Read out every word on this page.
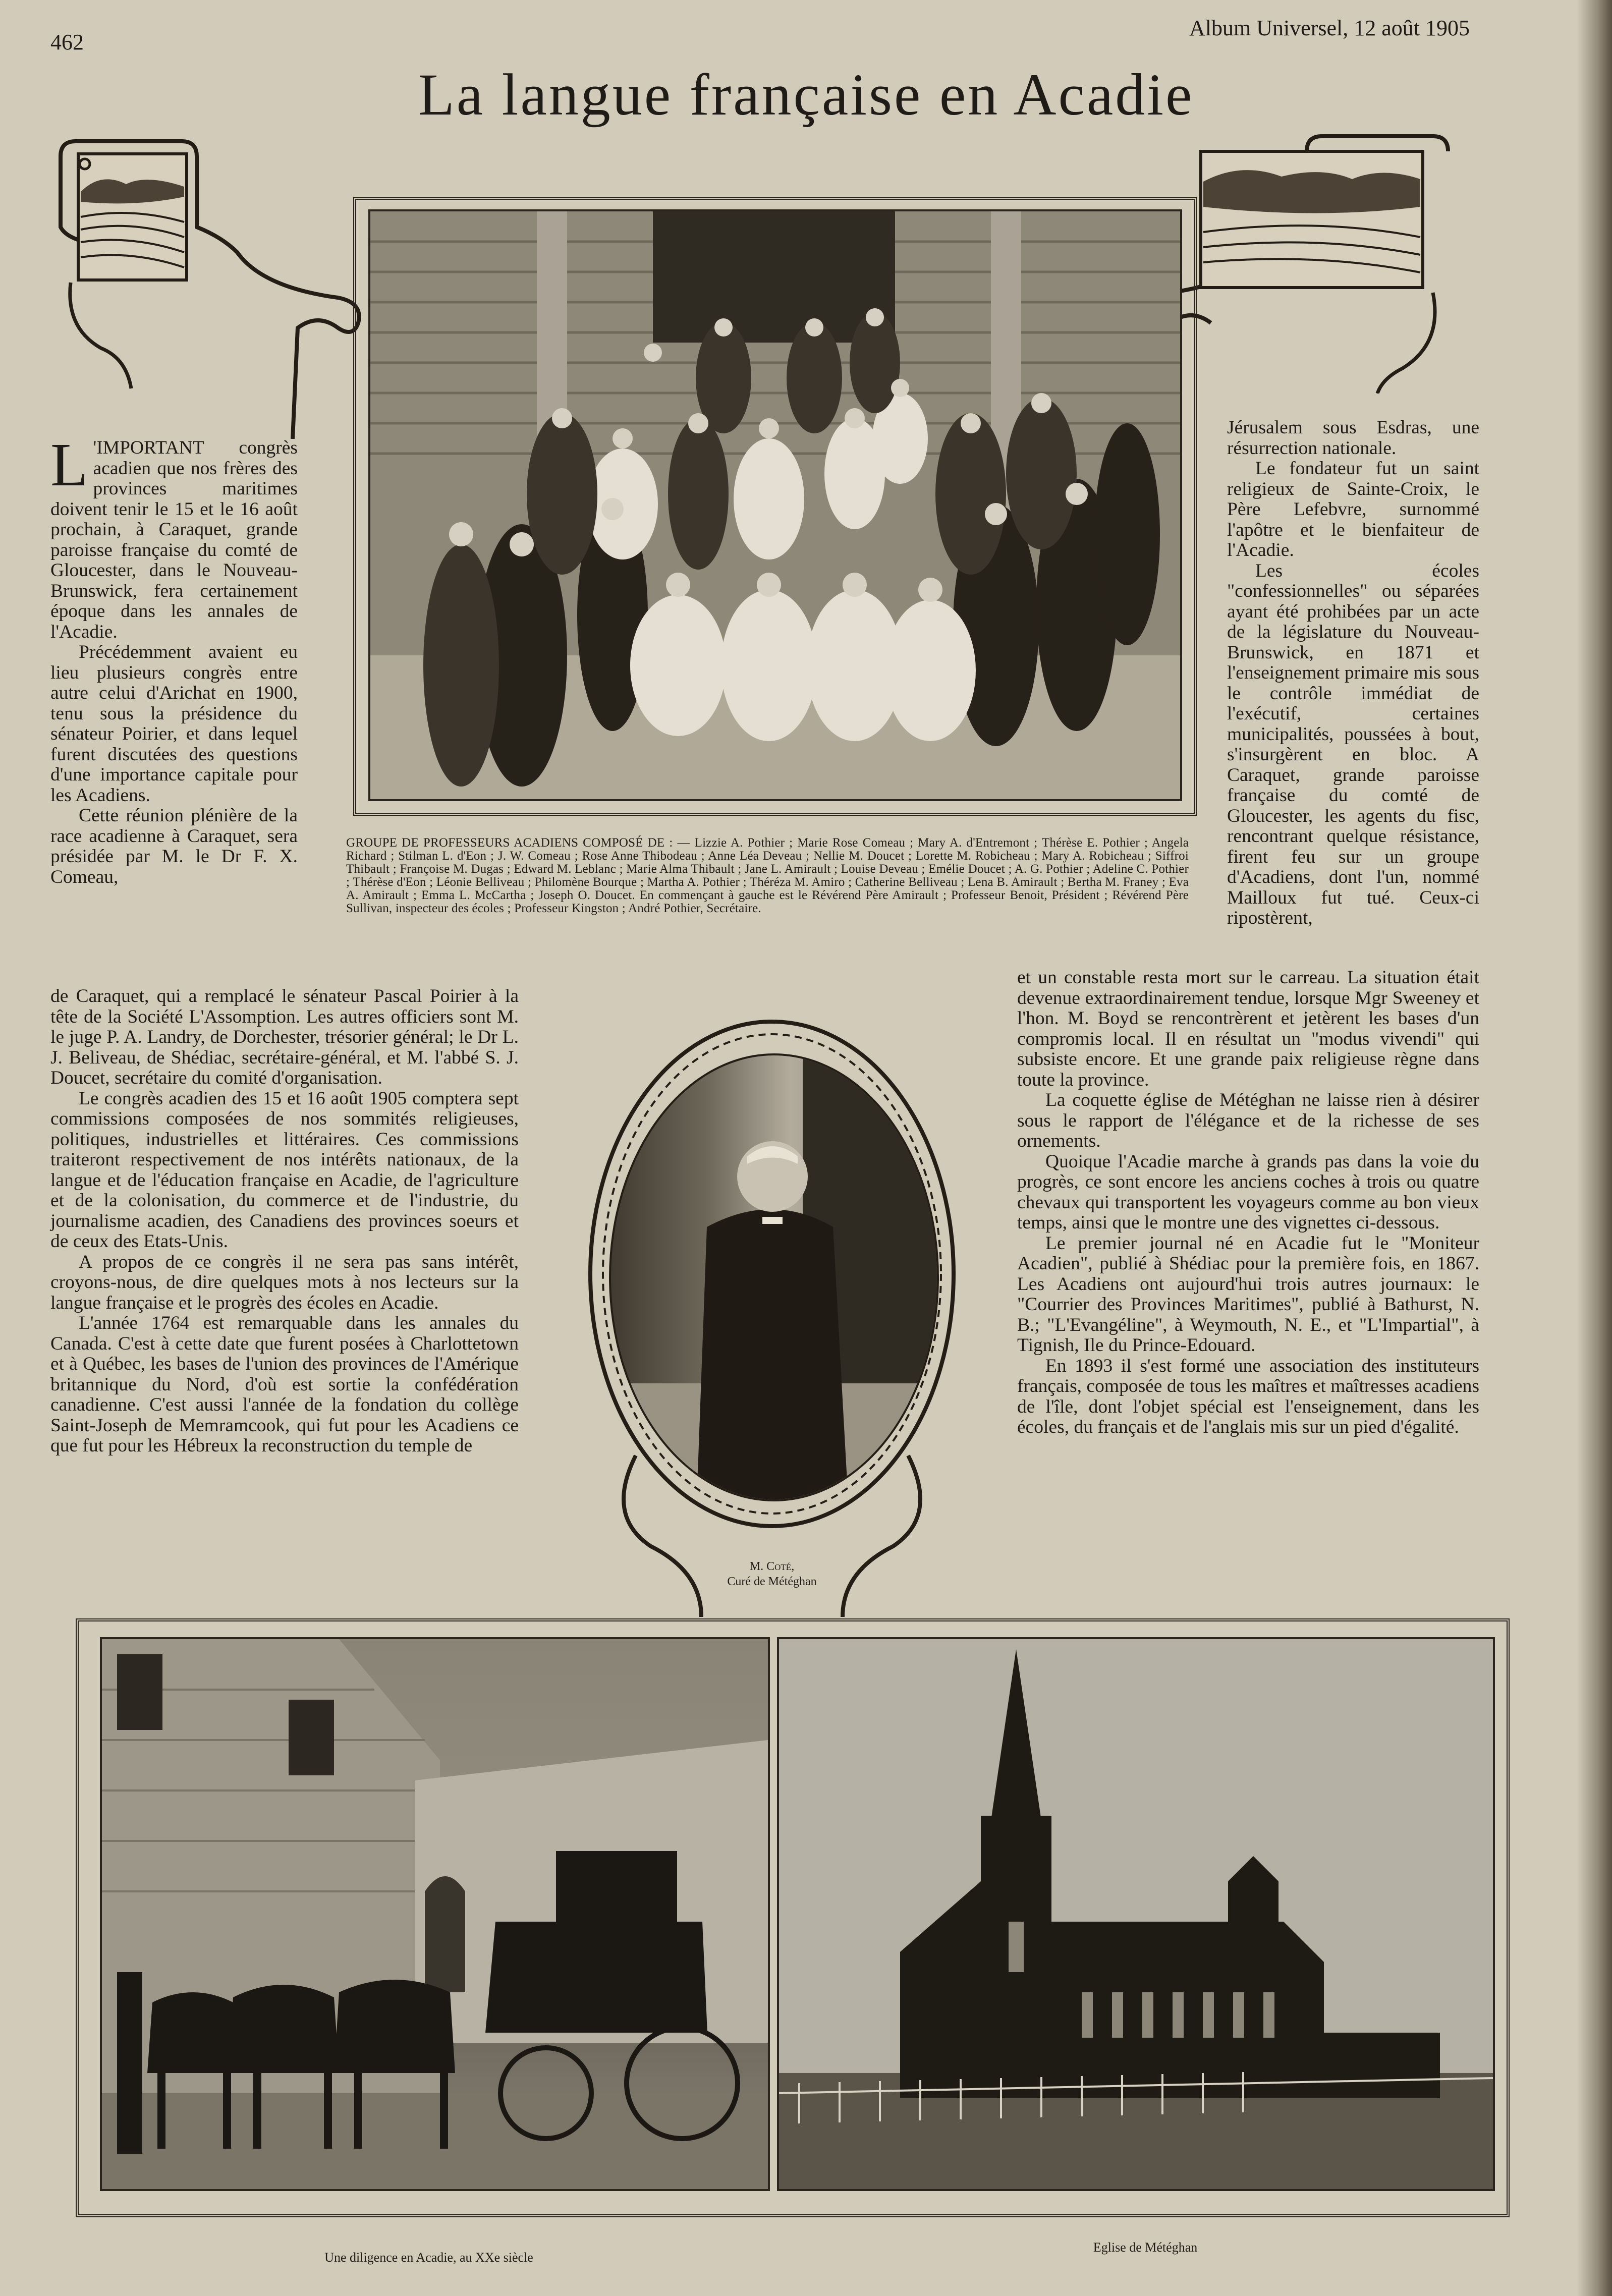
462
Album Universel, 12 août 1905
La langue française en Acadie
GROUPE DE PROFESSEURS ACADIENS COMPOSÉ DE : — Lizzie A. Pothier ; Marie Rose Comeau ; Mary A. d'Entremont ; Thérèse E. Pothier ; Angela Richard ; Stilman L. d'Eon ; J. W. Comeau ; Rose Anne Thibodeau ; Anne Léa Deveau ; Nellie M. Doucet ; Lorette M. Robicheau ; Mary A. Robicheau ; Siffroi Thibault ; Françoise M. Dugas ; Edward M. Leblanc ; Marie Alma Thibault ; Jane L. Amirault ; Louise Deveau ; Emélie Doucet ; A. G. Pothier ; Adeline C. Pothier ; Thérèse d'Eon ; Léonie Belliveau ; Philomène Bourque ; Martha A. Pothier ; Théréza M. Amiro ; Catherine Belliveau ; Lena B. Amirault ; Bertha M. Franey ; Eva A. Amirault ; Emma L. McCartha ; Joseph O. Doucet. En commençant à gauche est le Révérend Père Amirault ; Professeur Benoit, Président ; Révérend Père Sullivan, inspecteur des écoles ; Professeur Kingston ; André Pothier, Secrétaire.
L 'IMPORTANT congrès acadien que nos frères des provinces maritimes doivent tenir le 15 et le 16 août prochain, à Caraquet, grande paroisse française du comté de Gloucester, dans le Nouveau-Brunswick, fera certainement époque dans les annales de l'Acadie.

Précédemment avaient eu lieu plusieurs congrès entre autre celui d'Arichat en 1900, tenu sous la présidence du sénateur Poirier, et dans lequel furent discutées des questions d'une importance capitale pour les Acadiens.

Cette réunion plénière de la race acadienne à Caraquet, sera présidée par M. le Dr F. X. Comeau,

de Caraquet, qui a remplacé le sénateur Pascal Poirier à la tête de la Société L'Assomption. Les autres officiers sont M. le juge P. A. Landry, de Dorchester, trésorier général; le Dr L. J. Beliveau, de Shédiac, secrétaire-général, et M. l'abbé S. J. Doucet, secrétaire du comité d'organisation.

Le congrès acadien des 15 et 16 août 1905 comptera sept commissions composées de nos sommités religieuses, politiques, industrielles et littéraires. Ces commissions traiteront respectivement de nos intérêts nationaux, de la langue et de l'éducation française en Acadie, de l'agriculture et de la colonisation, du commerce et de l'industrie, du journalisme acadien, des Canadiens des provinces soeurs et de ceux des Etats-Unis.

A propos de ce congrès il ne sera pas sans intérêt, croyons-nous, de dire quelques mots à nos lecteurs sur la langue française et le progrès des écoles en Acadie.

L'année 1764 est remarquable dans les annales du Canada. C'est à cette date que furent posées à Charlottetown et à Québec, les bases de l'union des provinces de l'Amérique britannique du Nord, d'où est sortie la confédération canadienne. C'est aussi l'année de la fondation du collège Saint-Joseph de Memramcook, qui fut pour les Acadiens ce que fut pour les Hébreux la reconstruction du temple de

Jérusalem sous Esdras, une résurrection nationale.

Le fondateur fut un saint religieux de Sainte-Croix, le Père Lefebvre, surnommé l'apôtre et le bienfaiteur de l'Acadie.

Les écoles "confessionnelles" ou séparées ayant été prohibées par un acte de la législature du Nouveau-Brunswick, en 1871 et l'enseignement primaire mis sous le contrôle immédiat de l'exécutif, certaines municipalités, poussées à bout, s'insurgèrent en bloc. A Caraquet, grande paroisse française du comté de Gloucester, les agents du fisc, rencontrant quelque résistance, firent feu sur un groupe d'Acadiens, dont l'un, nommé Mailloux fut tué. Ceux-ci ripostèrent,

et un constable resta mort sur le carreau. La situation était devenue extraordinairement tendue, lorsque Mgr Sweeney et l'hon. M. Boyd se rencontrèrent et jetèrent les bases d'un compromis local. Il en résultat un "modus vivendi" qui subsiste encore. Et une grande paix religieuse règne dans toute la province.

La coquette église de Météghan ne laisse rien à désirer sous le rapport de l'élégance et de la richesse de ses ornements.

Quoique l'Acadie marche à grands pas dans la voie du progrès, ce sont encore les anciens coches à trois ou quatre chevaux qui transportent les voyageurs comme au bon vieux temps, ainsi que le montre une des vignettes ci-dessous.

Le premier journal né en Acadie fut le "Moniteur Acadien", publié à Shédiac pour la première fois, en 1867. Les Acadiens ont aujourd'hui trois autres journaux: le "Courrier des Provinces Maritimes", publié à Bathurst, N. B.; "L'Evangéline", à Weymouth, N. E., et "L'Impartial", à Tignish, Ile du Prince-Edouard.

En 1893 il s'est formé une association des instituteurs français, composée de tous les maîtres et maîtresses acadiens de l'île, dont l'objet spécial est l'enseignement, dans les écoles, du français et de l'anglais mis sur un pied d'égalité.

M. Coté,
Curé de Météghan
Une diligence en Acadie, au XXe siècle
Eglise de Météghan
